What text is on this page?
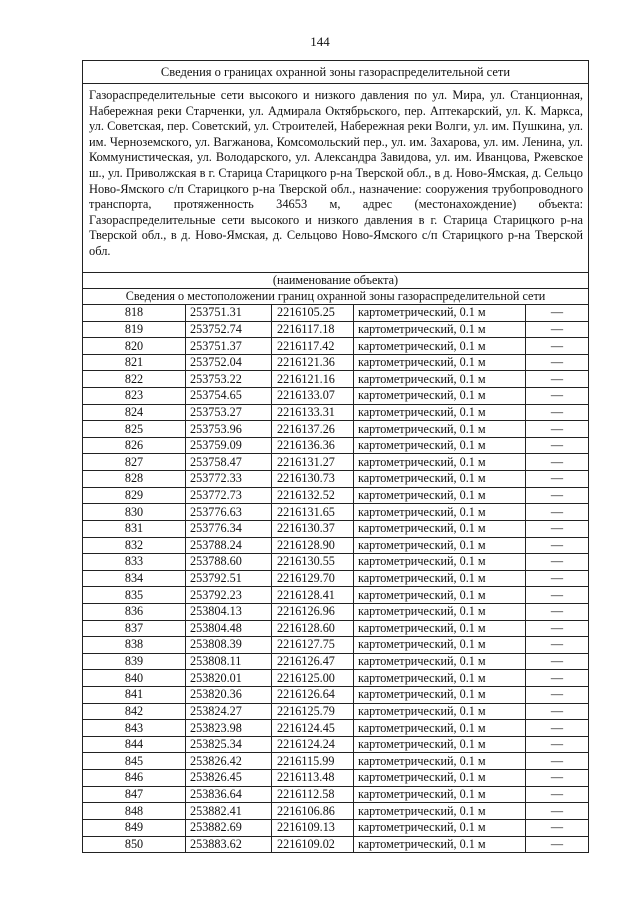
144
Сведения о границах охранной зоны газораспределительной сети				
Газораспределительные сети высокого и низкого давления по ул. Мира, ул. Станционная, Набережная реки Старченки, ул. Адмирала Октябрьского, пер. Аптекарский, ул. К. Маркса, ул. Советская, пер. Советский, ул. Строителей, Набережная реки Волги, ул. им. Пушкина, ул. им. Черноземского, ул. Вагжанова, Комсомольский пер., ул. им. Захарова, ул. им. Ленина, ул. Коммунистическая, ул. Володарского, ул. Александра Завидова, ул. им. Иванцова, Ржевское ш., ул. Приволжская в г. Старица Старицкого р-на Тверской обл., в д. Ново-Ямская, д. Сельцо Ново-Ямского с/п Старицкого р-на Тверской обл., назначение: сооружения трубопроводного транспорта, протяженность 34653 м, адрес (местонахождение) объекта: Газораспределительные сети высокого и низкого давления в г. Старица Старицкого р-на Тверской обл., в д. Ново-Ямская, д. Сельцово Ново-Ямского с/п Старицкого р-на Тверской обл.				
(наименование объекта)				
Сведения о местоположении границ охранной зоны газораспределительной сети				
818	253751.31	2216105.25	картометрический, 0.1 м	—
819	253752.74	2216117.18	картометрический, 0.1 м	—
820	253751.37	2216117.42	картометрический, 0.1 м	—
821	253752.04	2216121.36	картометрический, 0.1 м	—
822	253753.22	2216121.16	картометрический, 0.1 м	—
823	253754.65	2216133.07	картометрический, 0.1 м	—
824	253753.27	2216133.31	картометрический, 0.1 м	—
825	253753.96	2216137.26	картометрический, 0.1 м	—
826	253759.09	2216136.36	картометрический, 0.1 м	—
827	253758.47	2216131.27	картометрический, 0.1 м	—
828	253772.33	2216130.73	картометрический, 0.1 м	—
829	253772.73	2216132.52	картометрический, 0.1 м	—
830	253776.63	2216131.65	картометрический, 0.1 м	—
831	253776.34	2216130.37	картометрический, 0.1 м	—
832	253788.24	2216128.90	картометрический, 0.1 м	—
833	253788.60	2216130.55	картометрический, 0.1 м	—
834	253792.51	2216129.70	картометрический, 0.1 м	—
835	253792.23	2216128.41	картометрический, 0.1 м	—
836	253804.13	2216126.96	картометрический, 0.1 м	—
837	253804.48	2216128.60	картометрический, 0.1 м	—
838	253808.39	2216127.75	картометрический, 0.1 м	—
839	253808.11	2216126.47	картометрический, 0.1 м	—
840	253820.01	2216125.00	картометрический, 0.1 м	—
841	253820.36	2216126.64	картометрический, 0.1 м	—
842	253824.27	2216125.79	картометрический, 0.1 м	—
843	253823.98	2216124.45	картометрический, 0.1 м	—
844	253825.34	2216124.24	картометрический, 0.1 м	—
845	253826.42	2216115.99	картометрический, 0.1 м	—
846	253826.45	2216113.48	картометрический, 0.1 м	—
847	253836.64	2216112.58	картометрический, 0.1 м	—
848	253882.41	2216106.86	картометрический, 0.1 м	—
849	253882.69	2216109.13	картометрический, 0.1 м	—
850	253883.62	2216109.02	картометрический, 0.1 м	—
